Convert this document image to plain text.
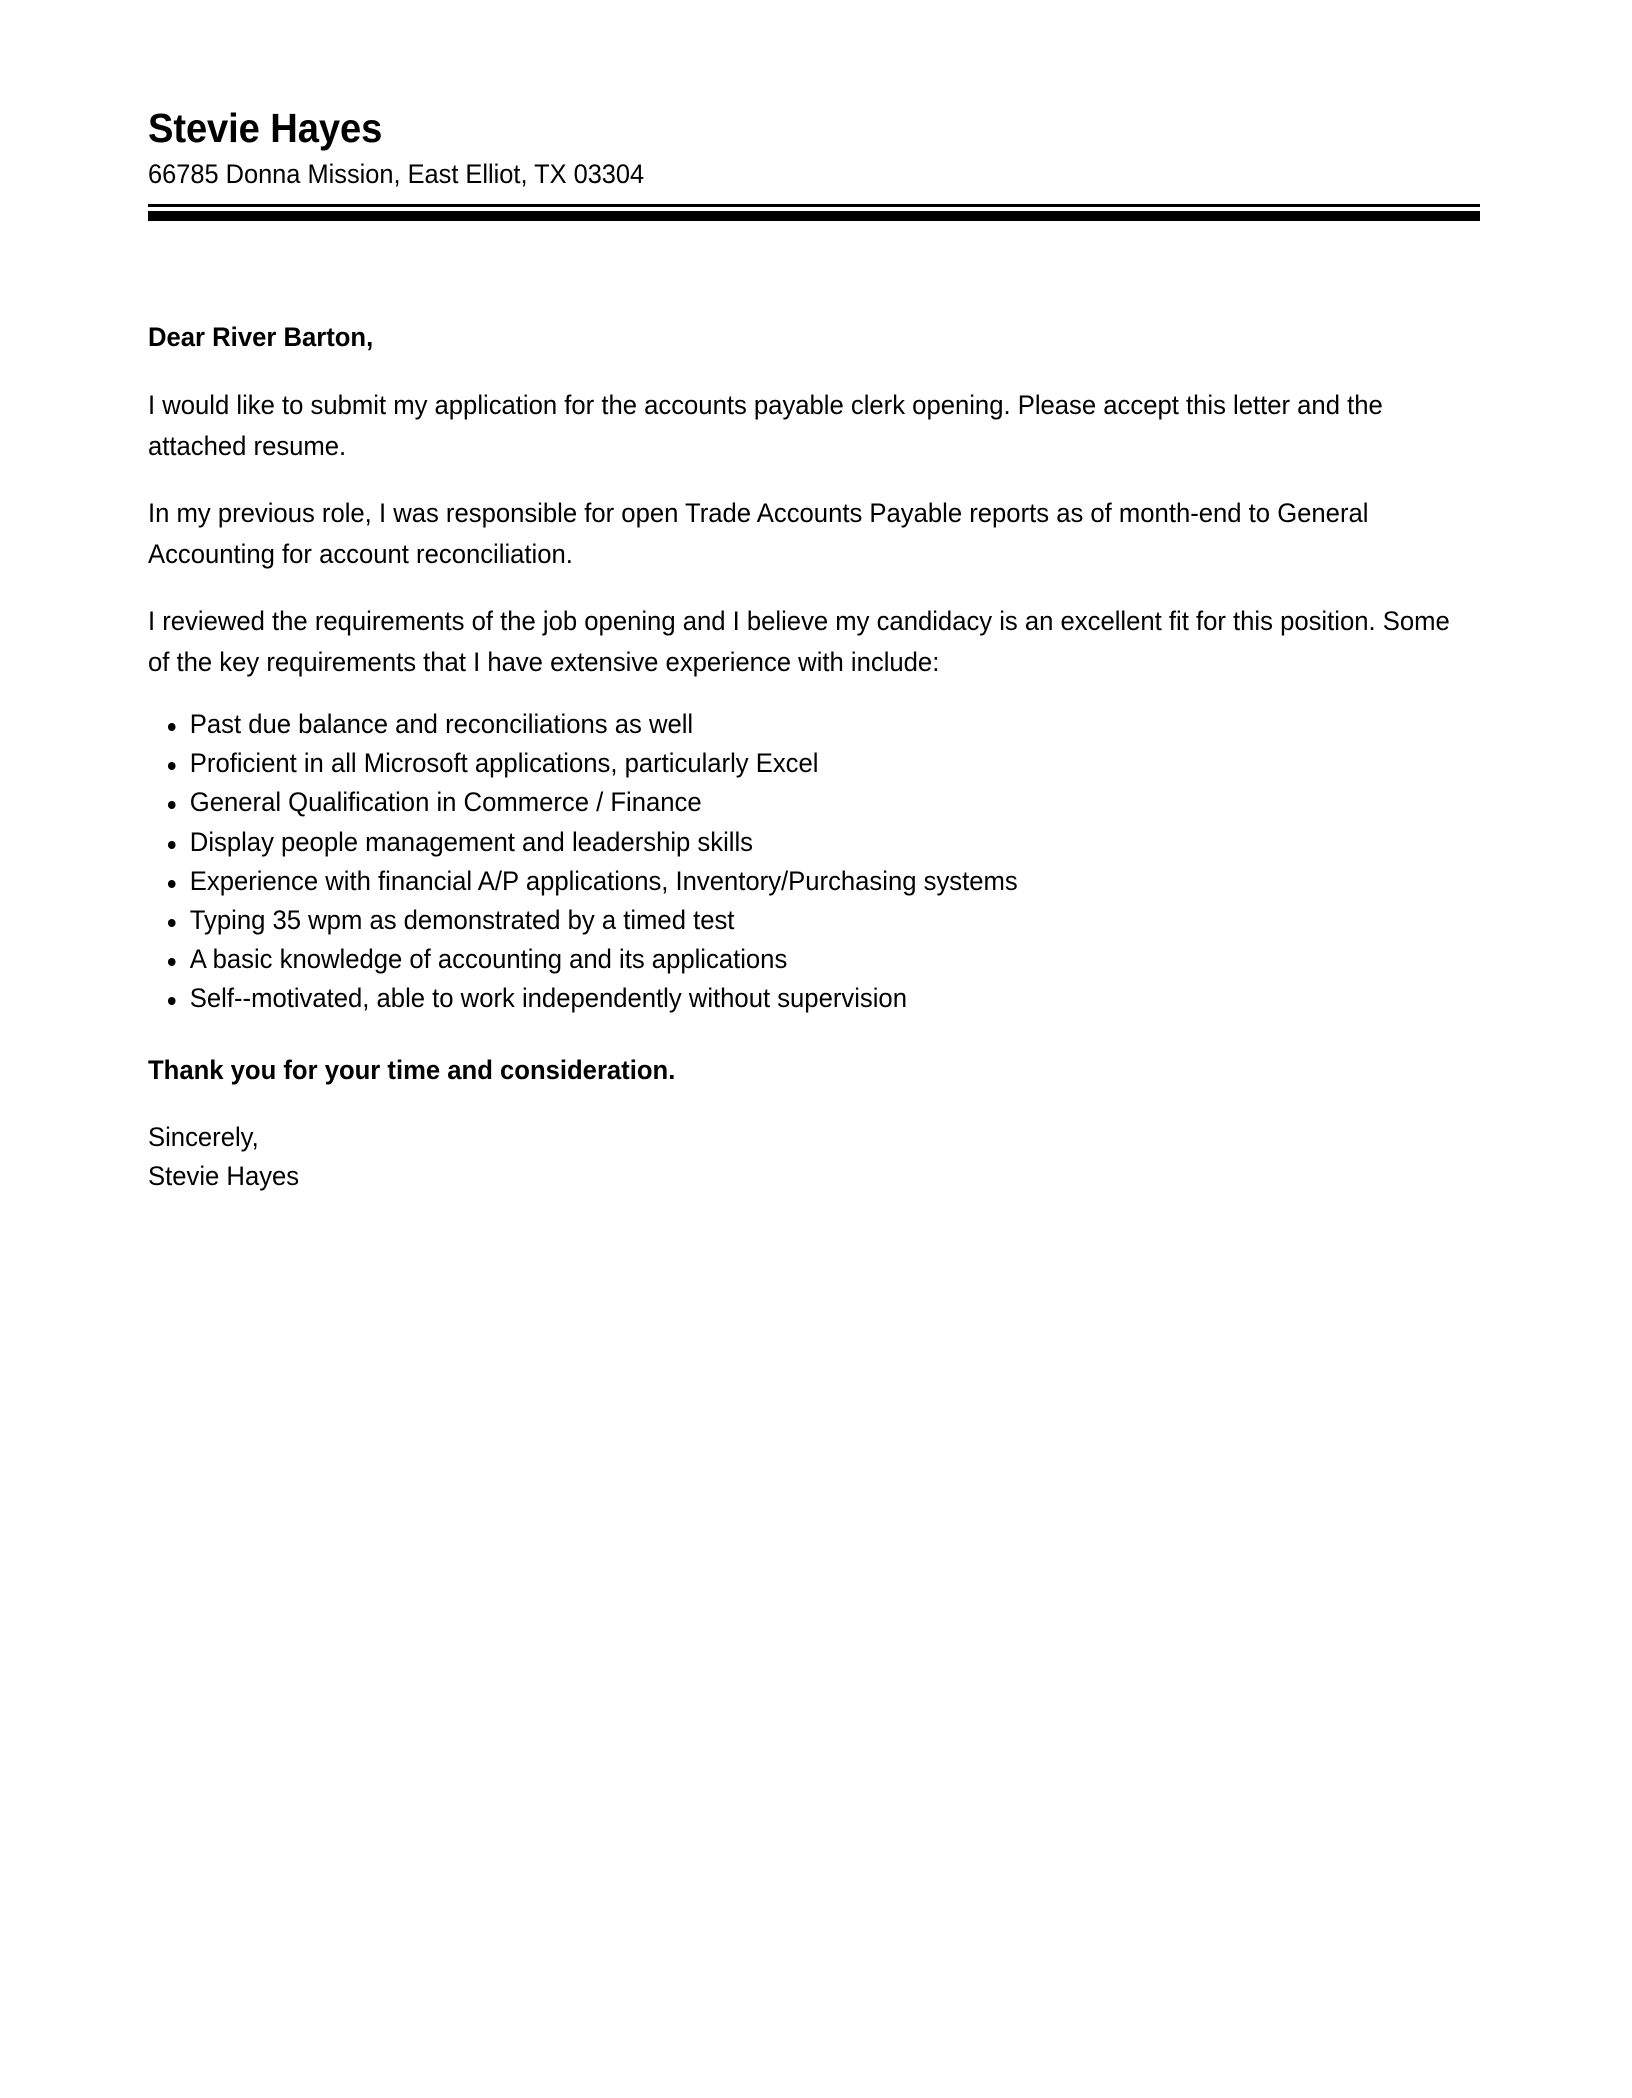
Stevie Hayes

66785 Donna Mission, East Elliot, TX 03304

Dear River Barton,

I would like to submit my application for the accounts payable clerk opening. Please accept this letter and the attached resume.

In my previous role, I was responsible for open Trade Accounts Payable reports as of month-end to General Accounting for account reconciliation.

I reviewed the requirements of the job opening and I believe my candidacy is an excellent fit for this position. Some of the key requirements that I have extensive experience with include:

Past due balance and reconciliations as well
Proficient in all Microsoft applications, particularly Excel
General Qualification in Commerce / Finance
Display people management and leadership skills
Experience with financial A/P applications, Inventory/Purchasing systems
Typing 35 wpm as demonstrated by a timed test
A basic knowledge of accounting and its applications
Self--motivated, able to work independently without supervision

Thank you for your time and consideration.

Sincerely,

Stevie Hayes
